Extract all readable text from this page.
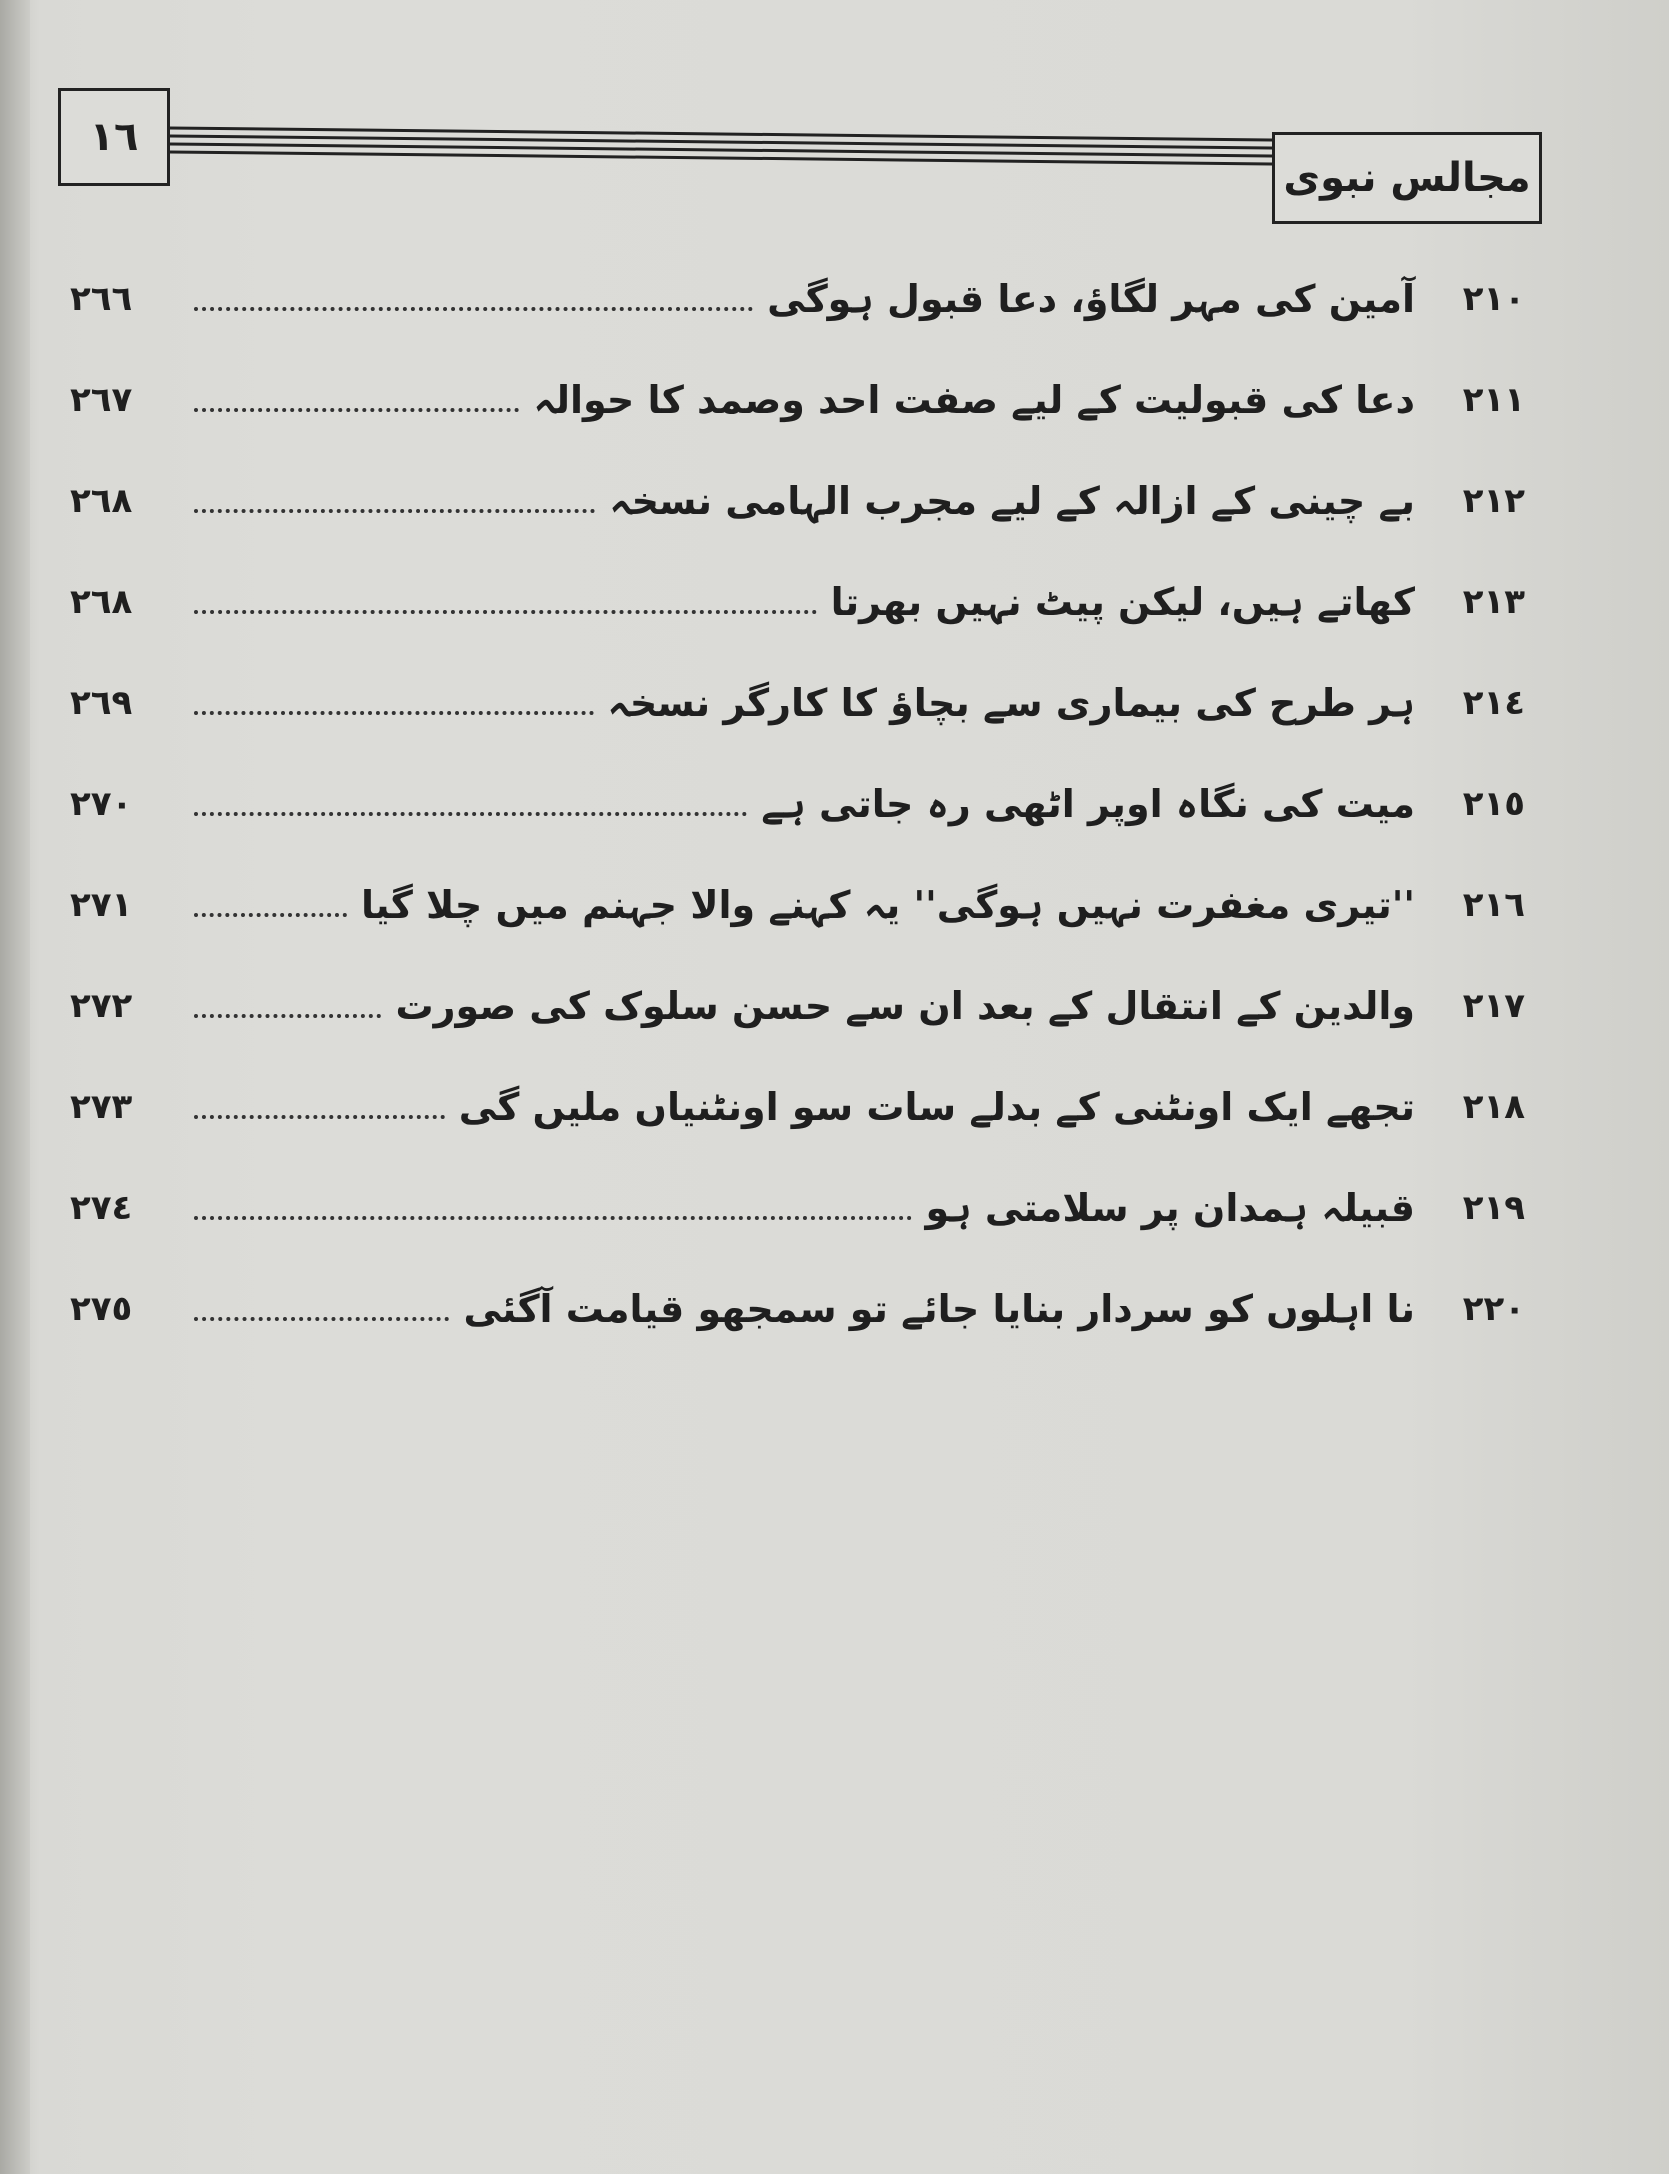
١٦
مجالس نبوی
٢١٠
آمین کی مہر لگاؤ، دعا قبول ہوگی
٢٦٦
٢١١
دعا کی قبولیت کے لیے صفت احد وصمد کا حوالہ
٢٦٧
٢١٢
بے چینی کے ازالہ کے لیے مجرب الہامی نسخہ
٢٦٨
٢١٣
کھاتے ہیں، لیکن پیٹ نہیں بھرتا
٢٦٨
٢١٤
ہر طرح کی بیماری سے بچاؤ کا کارگر نسخہ
٢٦٩
٢١٥
میت کی نگاہ اوپر اٹھی رہ جاتی ہے
٢٧٠
٢١٦
''تیری مغفرت نہیں ہوگی'' یہ کہنے والا جہنم میں چلا گیا
٢٧١
٢١٧
والدین کے انتقال کے بعد ان سے حسن سلوک کی صورت
٢٧٢
٢١٨
تجھے ایک اونٹنی کے بدلے سات سو اونٹنیاں ملیں گی
٢٧٣
٢١٩
قبیلہ ہمدان پر سلامتی ہو
٢٧٤
٢٢٠
نا اہلوں کو سردار بنایا جائے تو سمجھو قیامت آگئی
٢٧٥
